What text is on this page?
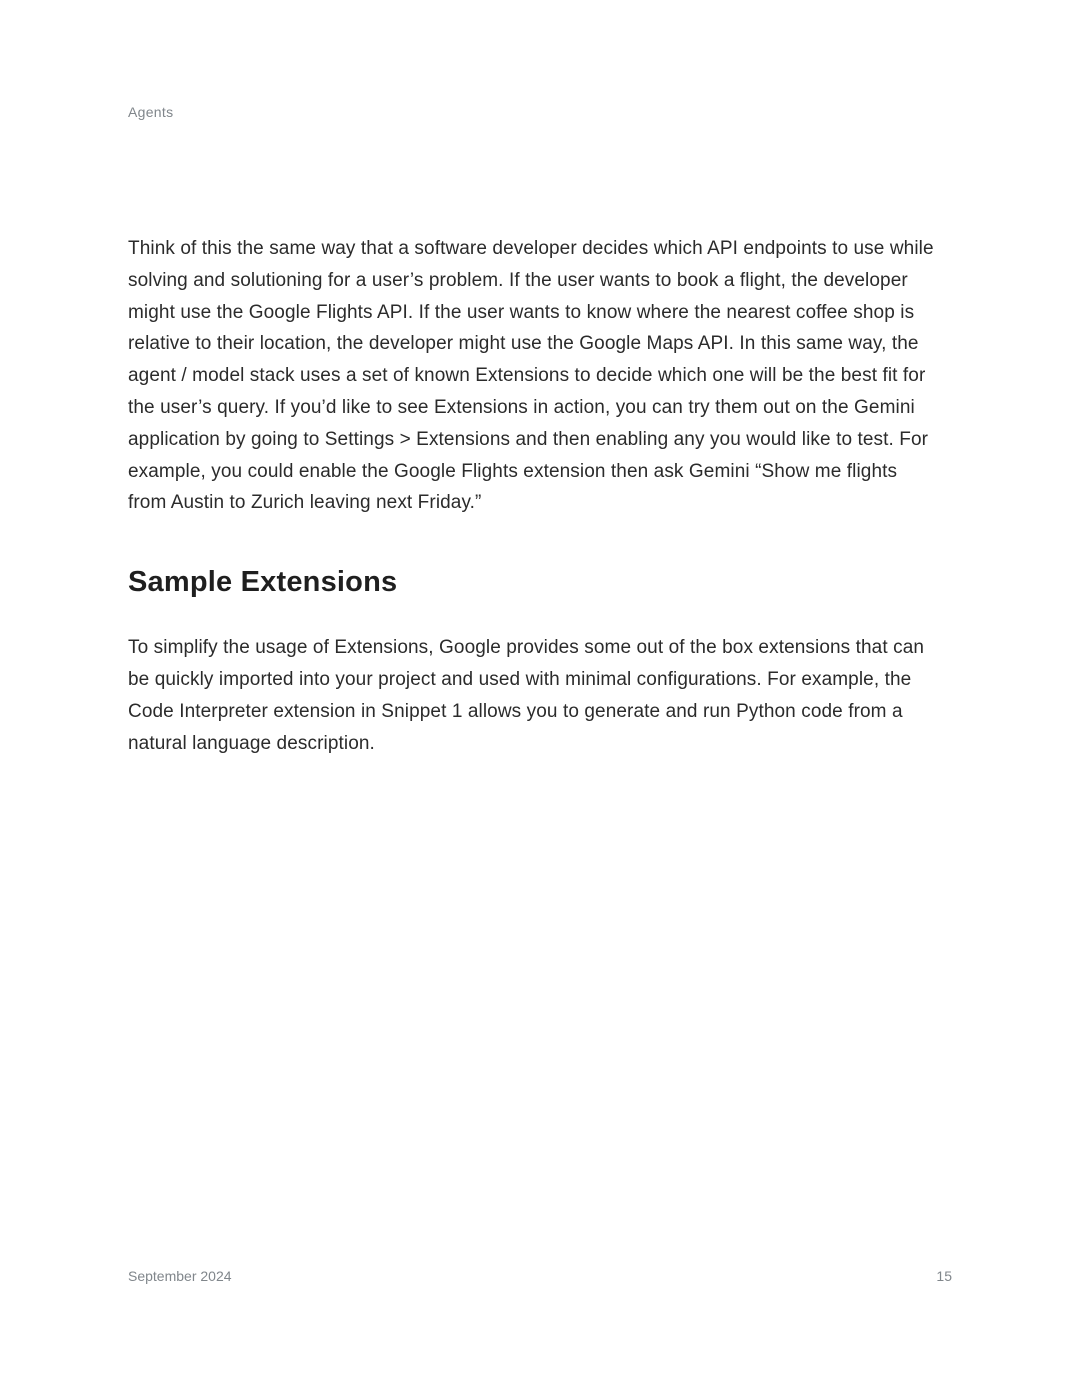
Agents

Think of this the same way that a software developer decides which API endpoints to use while solving and solutioning for a user’s problem. If the user wants to book a flight, the developer might use the Google Flights API. If the user wants to know where the nearest coffee shop is relative to their location, the developer might use the Google Maps API. In this same way, the agent / model stack uses a set of known Extensions to decide which one will be the best fit for the user’s query. If you’d like to see Extensions in action, you can try them out on the Gemini application by going to Settings > Extensions and then enabling any you would like to test. For example, you could enable the Google Flights extension then ask Gemini “Show me flights from Austin to Zurich leaving next Friday.”

Sample Extensions

To simplify the usage of Extensions, Google provides some out of the box extensions that can be quickly imported into your project and used with minimal configurations. For example, the Code Interpreter extension in Snippet 1 allows you to generate and run Python code from a natural language description.

September 2024	15
